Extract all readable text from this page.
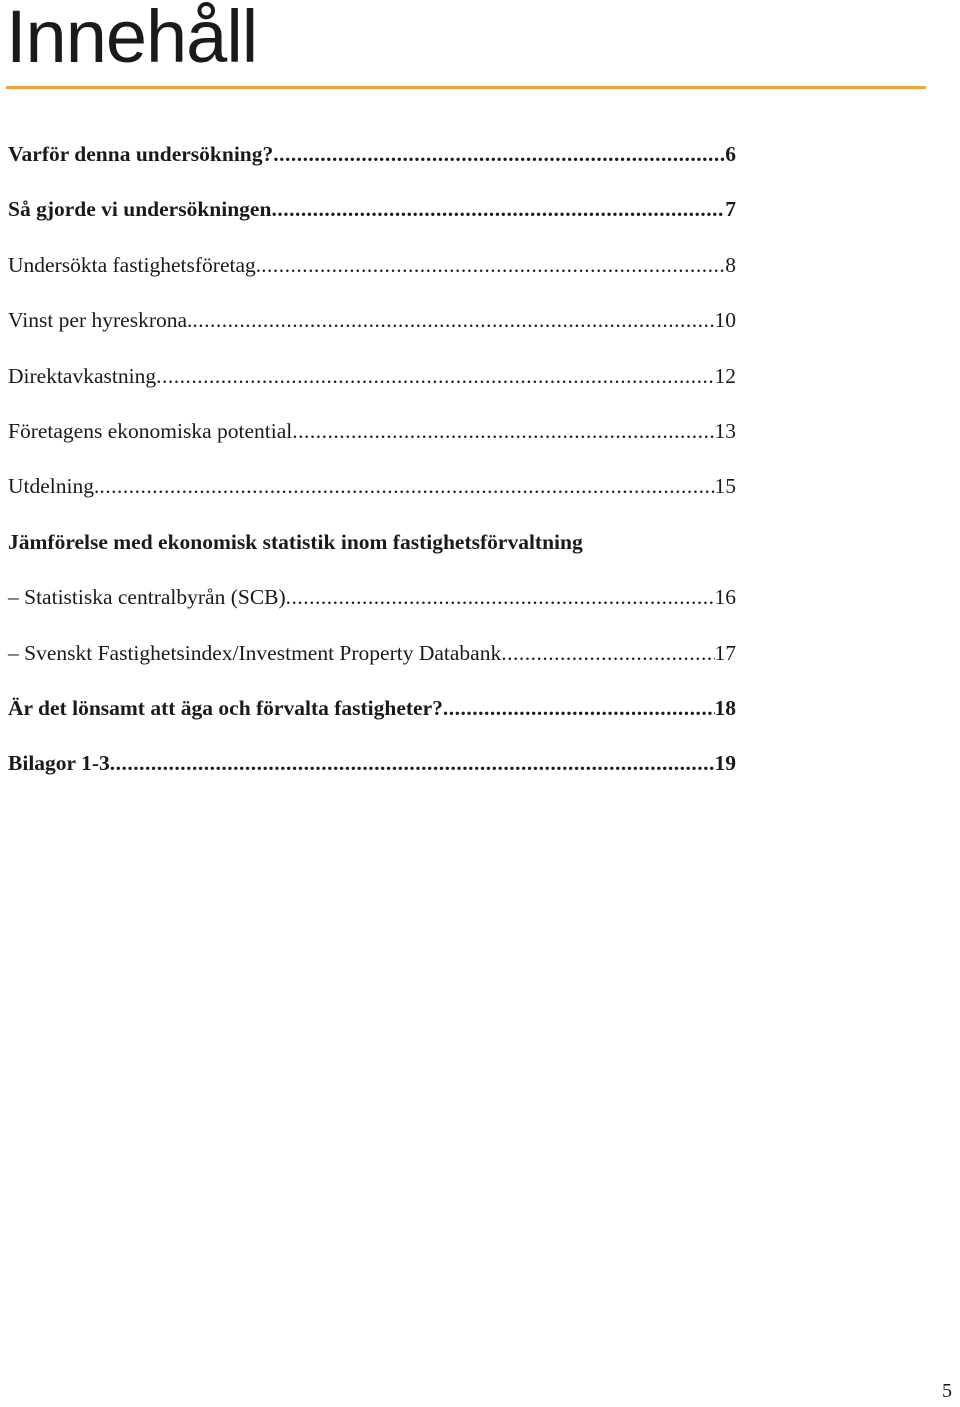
Innehåll
Varför denna undersökning? .....	6
Så gjorde vi undersökningen .....	7
Undersökta fastighetsföretag. .....	8
Vinst per hyreskrona. .....	10
Direktavkastning .....	12
Företagens ekonomiska potential .....	13
Utdelning. .....	15
Jämförelse med ekonomisk statistik inom fastighetsförvaltning
– Statistiska centralbyrån (SCB) .....	16
– Svenskt Fastighetsindex/Investment Property Databank .....	17
Är det lönsamt att äga och förvalta fastigheter? .....	18
Bilagor 1-3 .....	19
5
